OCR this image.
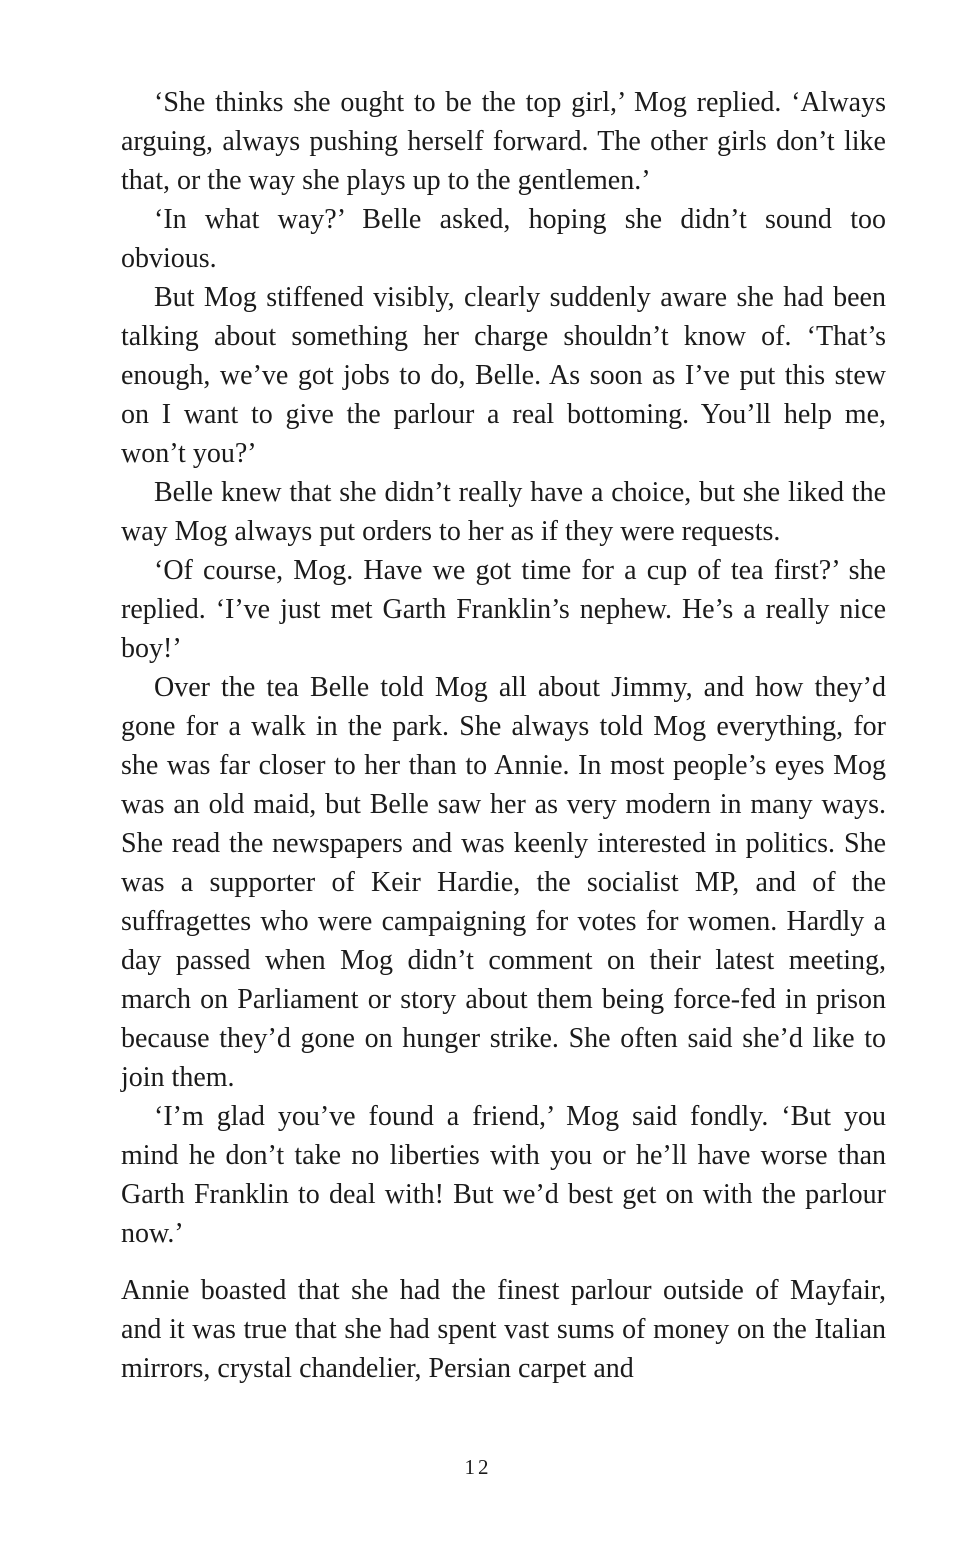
‘She thinks she ought to be the top girl,’ Mog replied. ‘Always arguing, always pushing herself forward. The other girls don’t like that, or the way she plays up to the gentlemen.’

‘In what way?’ Belle asked, hoping she didn’t sound too obvious.

But Mog stiffened visibly, clearly suddenly aware she had been talking about something her charge shouldn’t know of. ‘That’s enough, we’ve got jobs to do, Belle. As soon as I’ve put this stew on I want to give the parlour a real bottoming. You’ll help me, won’t you?’

Belle knew that she didn’t really have a choice, but she liked the way Mog always put orders to her as if they were requests.

‘Of course, Mog. Have we got time for a cup of tea first?’ she replied. ‘I’ve just met Garth Franklin’s nephew. He’s a really nice boy!’

Over the tea Belle told Mog all about Jimmy, and how they’d gone for a walk in the park. She always told Mog everything, for she was far closer to her than to Annie. In most people’s eyes Mog was an old maid, but Belle saw her as very modern in many ways. She read the newspapers and was keenly interested in politics. She was a supporter of Keir Hardie, the socialist MP, and of the suffragettes who were campaigning for votes for women. Hardly a day passed when Mog didn’t comment on their latest meeting, march on Parliament or story about them being force-fed in prison because they’d gone on hunger strike. She often said she’d like to join them.

‘I’m glad you’ve found a friend,’ Mog said fondly. ‘But you mind he don’t take no liberties with you or he’ll have worse than Garth Franklin to deal with! But we’d best get on with the parlour now.’

Annie boasted that she had the finest parlour outside of Mayfair, and it was true that she had spent vast sums of money on the Italian mirrors, crystal chandelier, Persian carpet and

12
